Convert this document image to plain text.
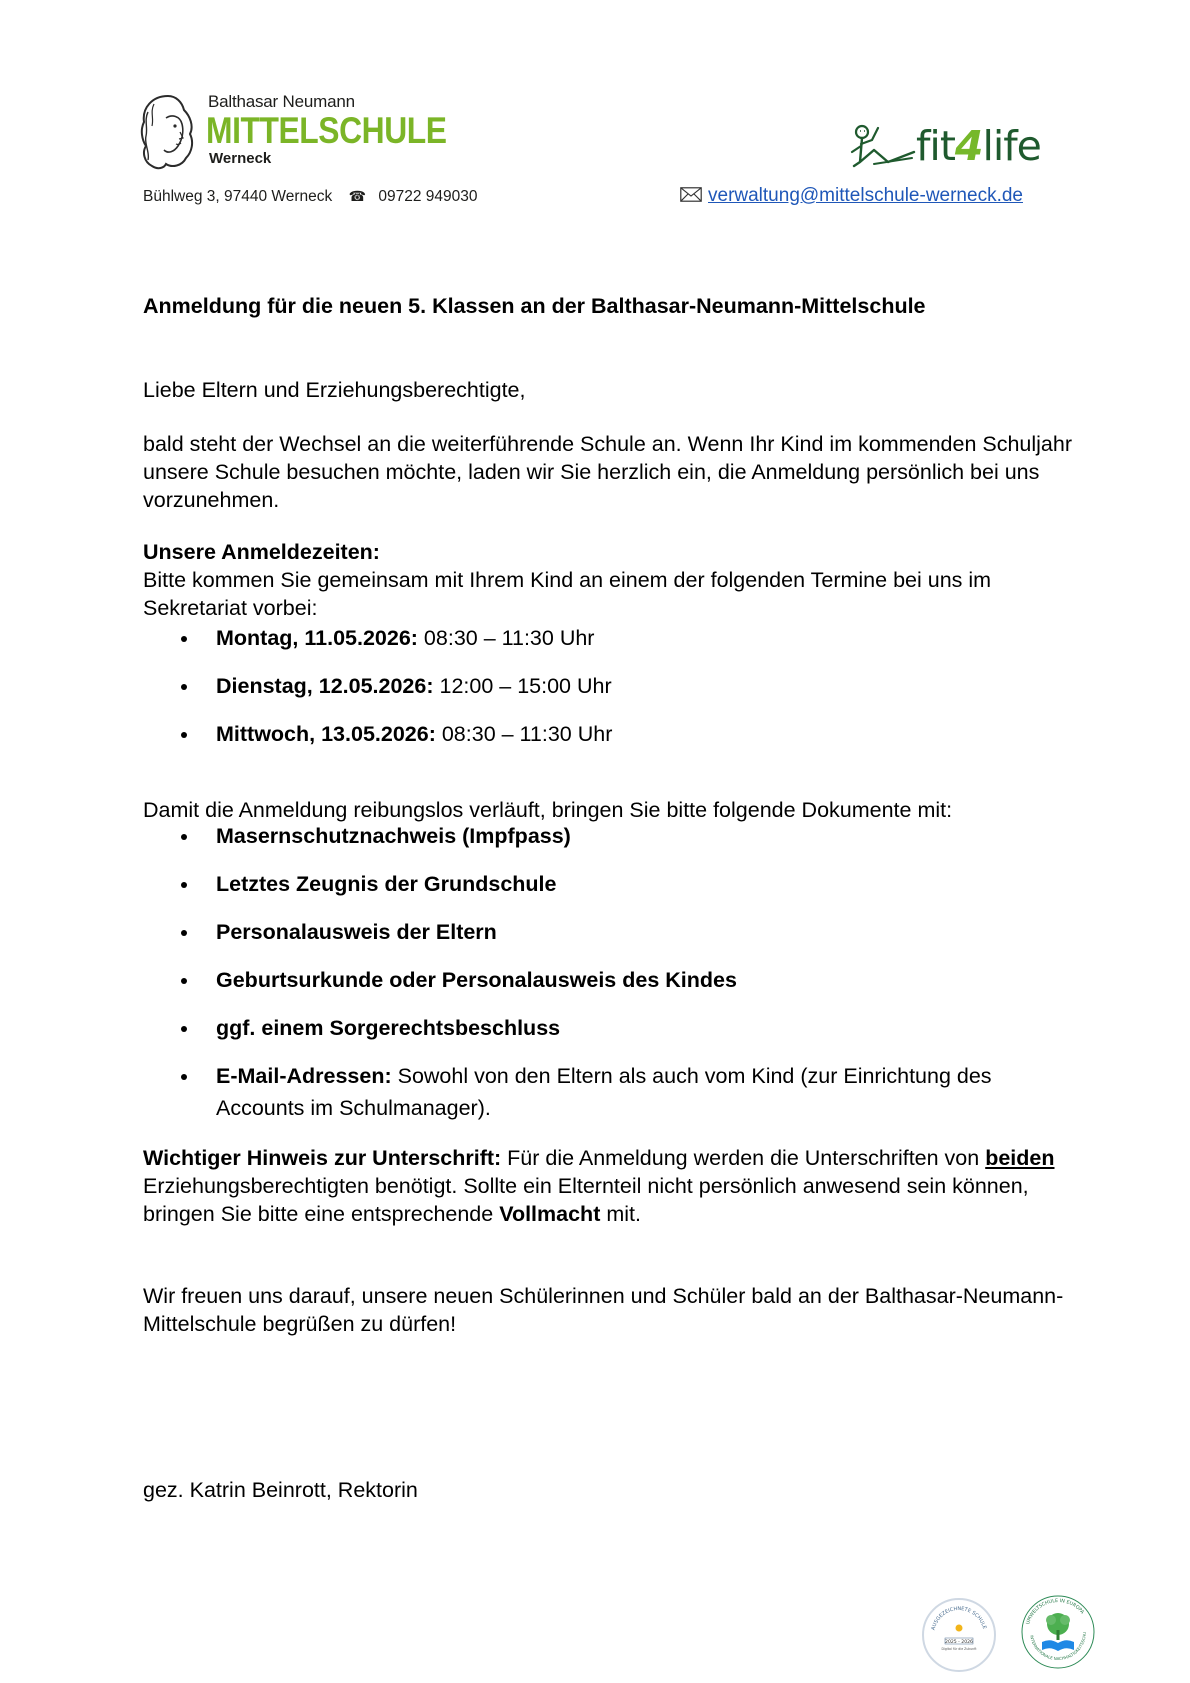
Balthasar Neumann
MITTELSCHULE
Werneck	fit4life
Bühlweg 3, 97440 Werneck ☎ 09722 949030	verwaltung@mittelschule-werneck.de
Anmeldung für die neuen 5. Klassen an der Balthasar-Neumann-Mittelschule
Liebe Eltern und Erziehungsberechtigte,
bald steht der Wechsel an die weiterführende Schule an. Wenn Ihr Kind im kommenden Schuljahr unsere Schule besuchen möchte, laden wir Sie herzlich ein, die Anmeldung persönlich bei uns vorzunehmen.
Unsere Anmeldezeiten:
Bitte kommen Sie gemeinsam mit Ihrem Kind an einem der folgenden Termine bei uns im Sekretariat vorbei:
Montag, 11.05.2026: 08:30 – 11:30 Uhr
Dienstag, 12.05.2026: 12:00 – 15:00 Uhr
Mittwoch, 13.05.2026: 08:30 – 11:30 Uhr
Damit die Anmeldung reibungslos verläuft, bringen Sie bitte folgende Dokumente mit:
Masernschutznachweis (Impfpass)
Letztes Zeugnis der Grundschule
Personalausweis der Eltern
Geburtsurkunde oder Personalausweis des Kindes
ggf. einem Sorgerechtsbeschluss
E-Mail-Adressen: Sowohl von den Eltern als auch vom Kind (zur Einrichtung des Accounts im Schulmanager).
Wichtiger Hinweis zur Unterschrift: Für die Anmeldung werden die Unterschriften von beiden Erziehungsberechtigten benötigt. Sollte ein Elternteil nicht persönlich anwesend sein können, bringen Sie bitte eine entsprechende Vollmacht mit.
Wir freuen uns darauf, unsere neuen Schülerinnen und Schüler bald an der Balthasar-Neumann-Mittelschule begrüßen zu dürfen!
gez. Katrin Beinrott, Rektorin
AUSGEZEICHNETE SCHULE
2025 - 2026
Digital für die Zukunft
UMWELTSCHULE IN EUROPA
INTERNATIONALE NACHHALTIGKEITSSCHU
